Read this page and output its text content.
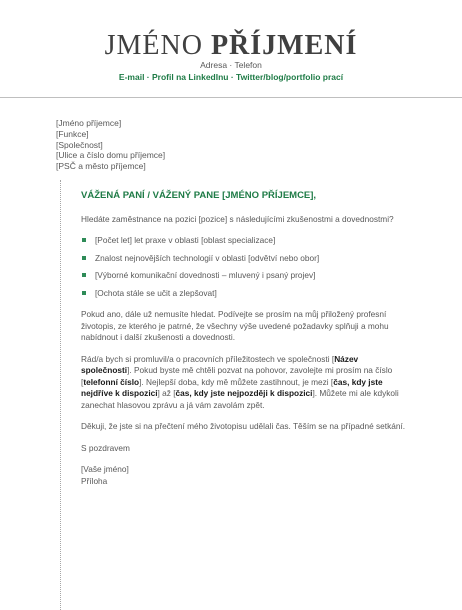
JMÉNO PŘÍJMENÍ
Adresa · Telefon
E-mail · Profil na LinkedInu · Twitter/blog/portfolio prací
[Jméno příjemce]
[Funkce]
[Společnost]
[Ulice a číslo domu příjemce]
[PSČ a město příjemce]
VÁŽENÁ PANÍ / VÁŽENÝ PANE [JMÉNO PŘÍJEMCE],
Hledáte zaměstnance na pozici [pozice] s následujícími zkušenostmi a dovednostmi?
[Počet let] let praxe v oblasti [oblast specializace]
Znalost nejnovějších technologií v oblasti [odvětví nebo obor]
[Výborné komunikační dovednosti – mluvený i psaný projev]
[Ochota stále se učit a zlepšovat]
Pokud ano, dále už nemusíte hledat. Podívejte se prosím na můj přiložený profesní životopis, ze kterého je patrné, že všechny výše uvedené požadavky splňuji a mohu nabídnout i další zkušenosti a dovednosti.
Rád/a bych si promluvil/a o pracovních příležitostech ve společnosti [Název společnosti]. Pokud byste mě chtěli pozvat na pohovor, zavolejte mi prosím na číslo [telefonní číslo]. Nejlepší doba, kdy mě můžete zastihnout, je mezi [čas, kdy jste nejdříve k dispozici] až [čas, kdy jste nejpozději k dispozici]. Můžete mi ale kdykoli zanechat hlasovou zprávu a já vám zavolám zpět.
Děkuji, že jste si na přečtení mého životopisu udělali čas. Těším se na případné setkání.
S pozdravem
[Vaše jméno]
Příloha
